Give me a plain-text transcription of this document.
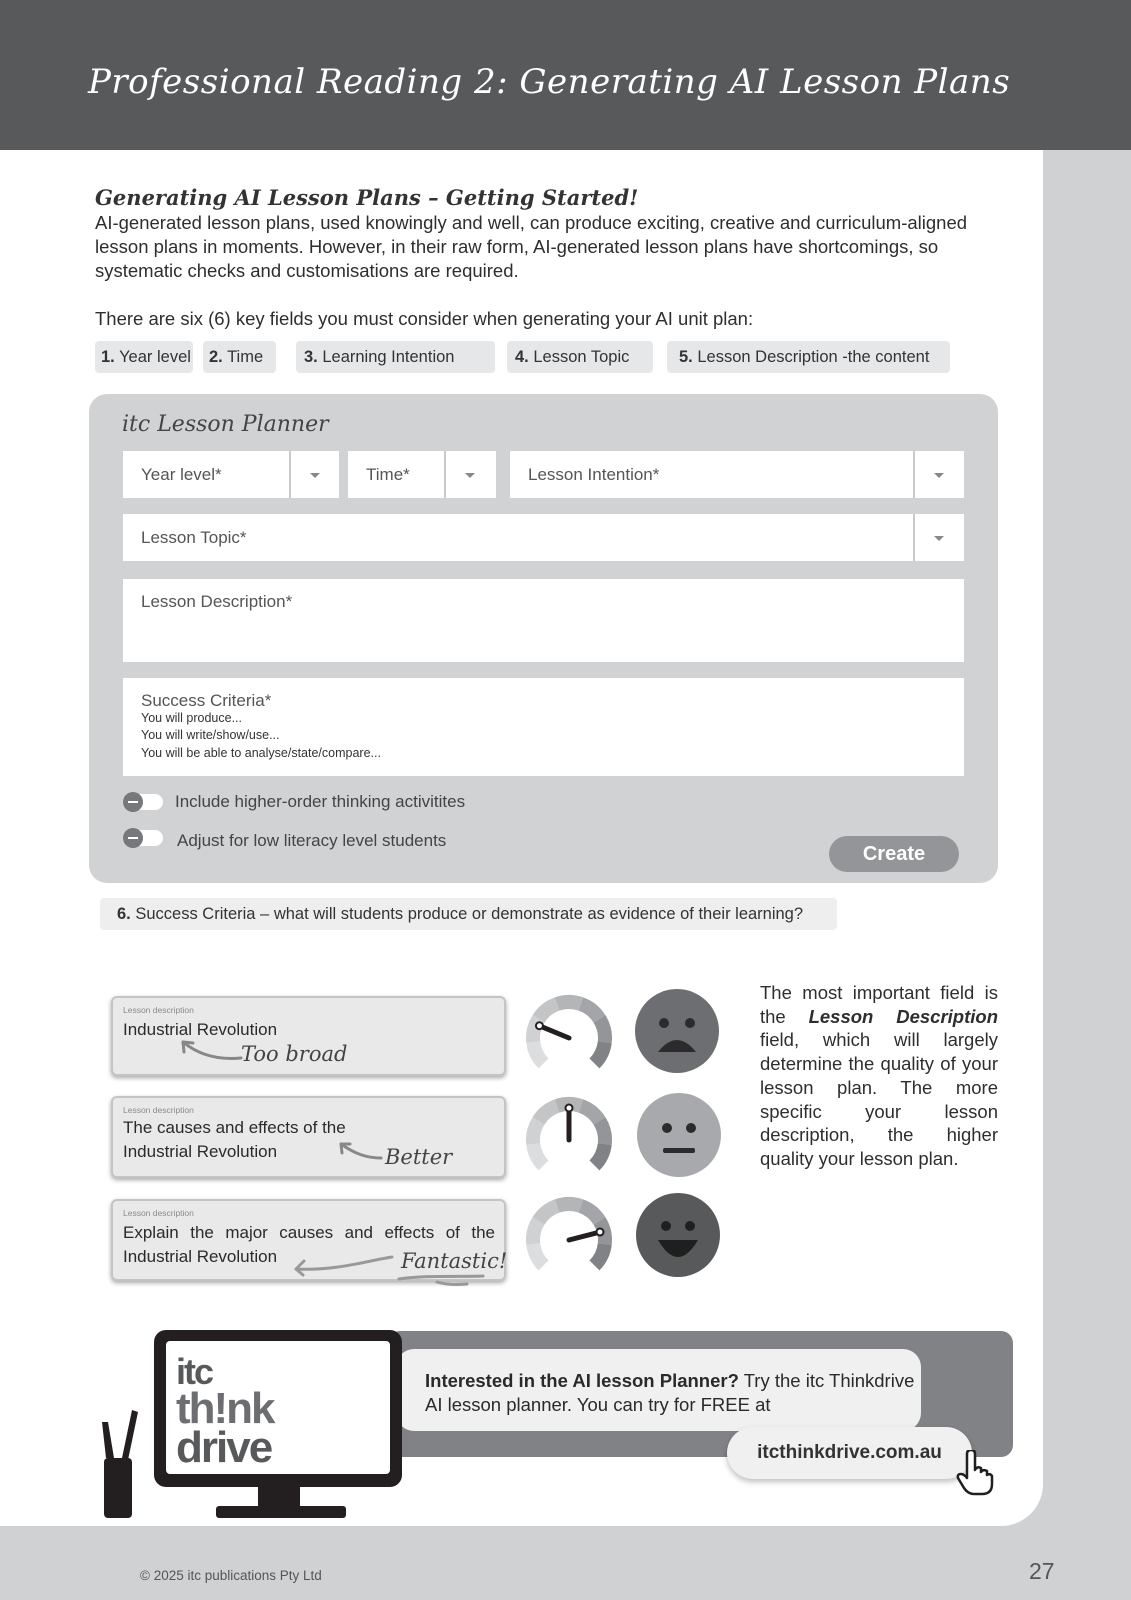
Professional Reading 2: Generating AI Lesson Plans
Generating AI Lesson Plans – Getting Started!
AI-generated lesson plans, used knowingly and well, can produce exciting, creative and curriculum-aligned lesson plans in moments. However, in their raw form, AI-generated lesson plans have shortcomings, so systematic checks and customisations are required.
There are six (6) key fields you must consider when generating your AI unit plan:
1. Year level	2. Time	3. Learning Intention	4. Lesson Topic	5. Lesson Description -the content
itc Lesson Planner
Year level*	Time*	Lesson Intention*
Lesson Topic*
Lesson Description*
Success Criteria*
You will produce...
You will write/show/use...
You will be able to analyse/state/compare...
Include higher-order thinking activitites
Adjust for low literacy level students
Create
6. Success Criteria – what will students produce or demonstrate as evidence of their learning?
Lesson description
Industrial Revolution
Too broad
Lesson description
The causes and effects of the Industrial Revolution	Better
Lesson description
Explain the major causes and effects of the Industrial Revolution	Fantastic!
The most important field is the Lesson Description field, which will largely determine the quality of your lesson plan. The more specific your lesson description, the higher quality your lesson plan.
Interested in the AI lesson Planner? Try the itc Thinkdrive AI lesson planner. You can try for FREE at
itc
th!nk
drive	itcthinkdrive.com.au
© 2025 itc publications Pty Ltd	27
